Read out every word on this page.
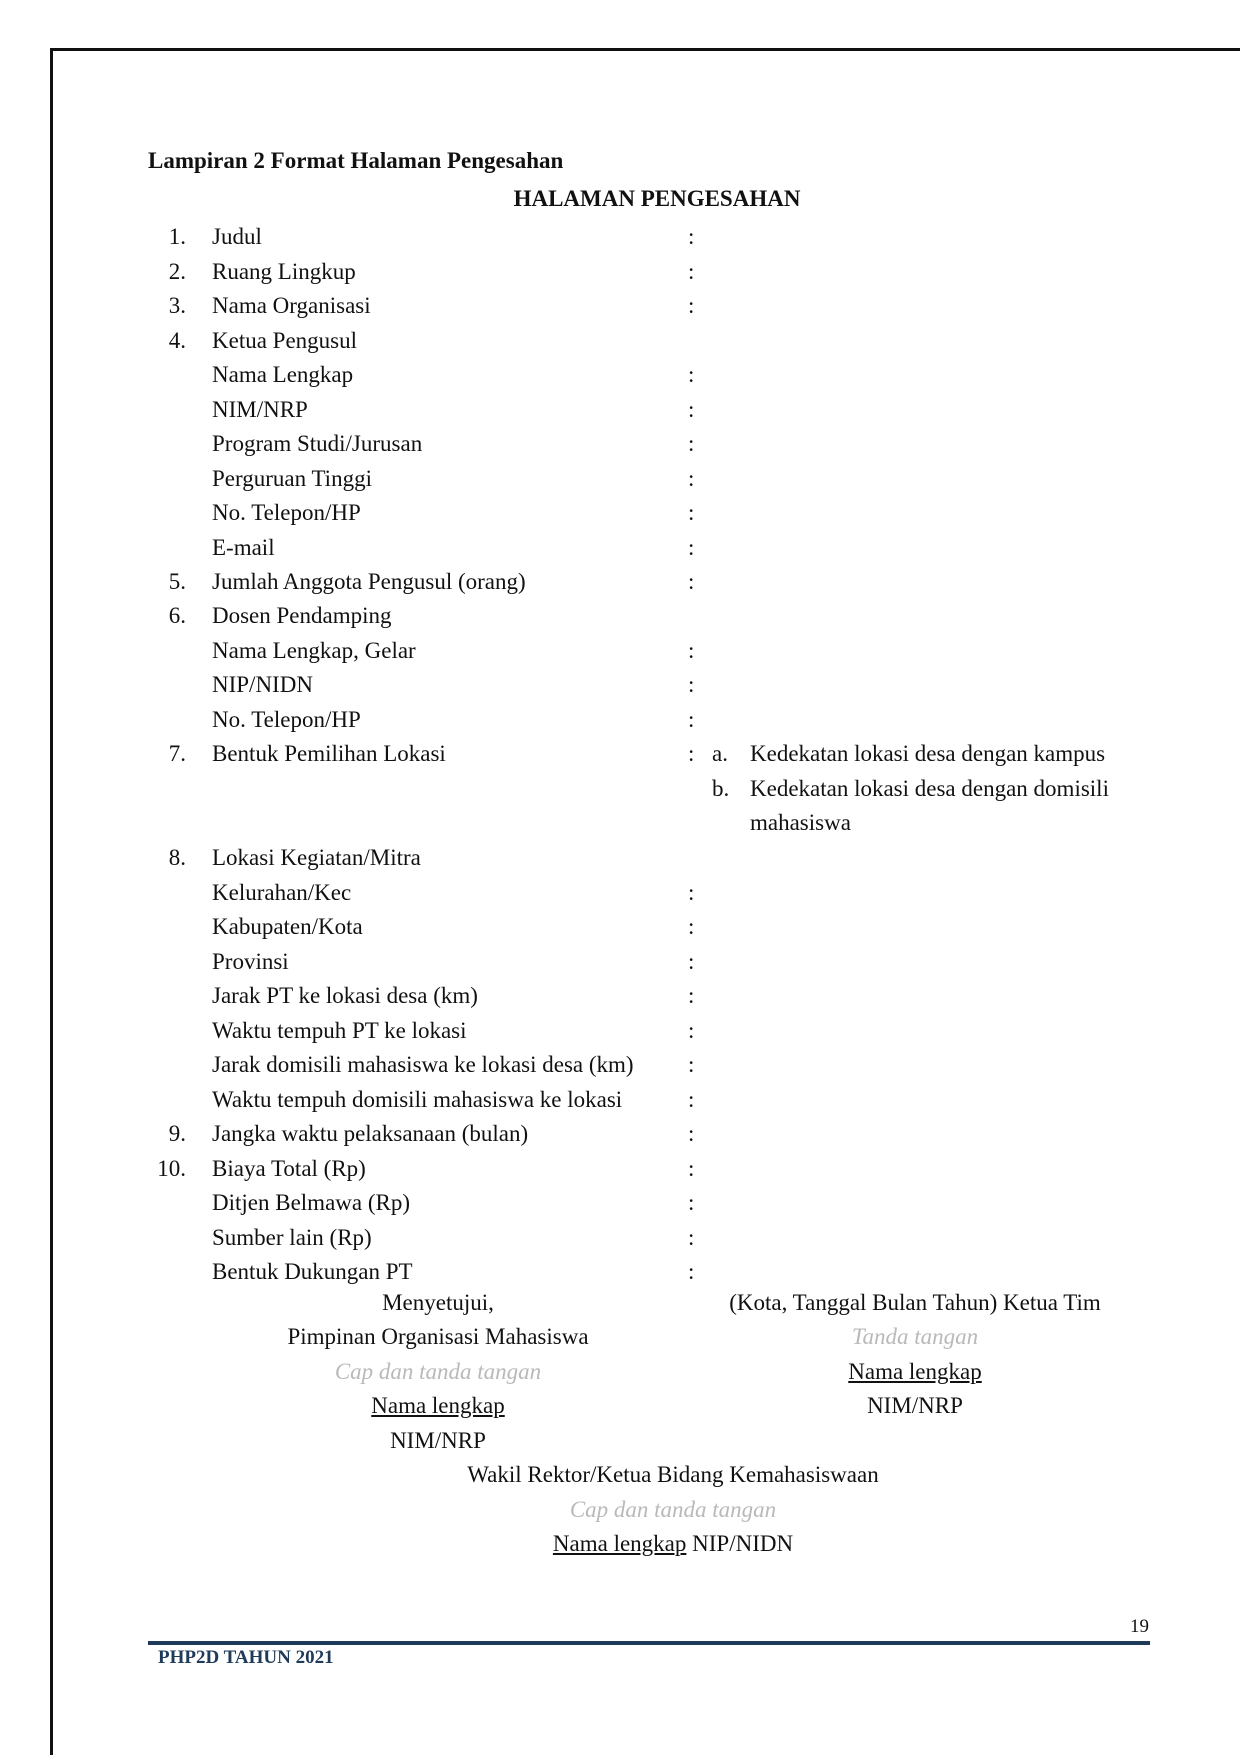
Lampiran 2 Format Halaman Pengesahan
HALAMAN PENGESAHAN
1. Judul	:
2. Ruang Lingkup	:
3. Nama Organisasi	:
4. Ketua Pengusul
Nama Lengkap	:
NIM/NRP	:
Program Studi/Jurusan	:
Perguruan Tinggi	:
No. Telepon/HP	:
E-mail	:
5. Jumlah Anggota Pengusul (orang)	:
6. Dosen Pendamping
Nama Lengkap, Gelar	:
NIP/NIDN	:
No. Telepon/HP	:
7. Bentuk Pemilihan Lokasi	: a. Kedekatan lokasi desa dengan kampus
b. Kedekatan lokasi desa dengan domisili
mahasiswa
8. Lokasi Kegiatan/Mitra
Kelurahan/Kec	:
Kabupaten/Kota	:
Provinsi	:
Jarak PT ke lokasi desa (km)	:
Waktu tempuh PT ke lokasi	:
Jarak domisili mahasiswa ke lokasi desa (km) :
Waktu tempuh domisili mahasiswa ke lokasi	:
9. Jangka waktu pelaksanaan (bulan)	:
10. Biaya Total (Rp)	:
Ditjen Belmawa (Rp)	:
Sumber lain (Rp)	:
Bentuk Dukungan PT	:
Menyetujui,
Pimpinan Organisasi Mahasiswa
Cap dan tanda tangan
Nama lengkap
NIM/NRP
(Kota, Tanggal Bulan Tahun) Ketua Tim
Tanda tangan
Nama lengkap
NIM/NRP
Wakil Rektor/Ketua Bidang Kemahasiswaan
Cap dan tanda tangan
Nama lengkap NIP/NIDN
19
PHP2D TAHUN 2021
